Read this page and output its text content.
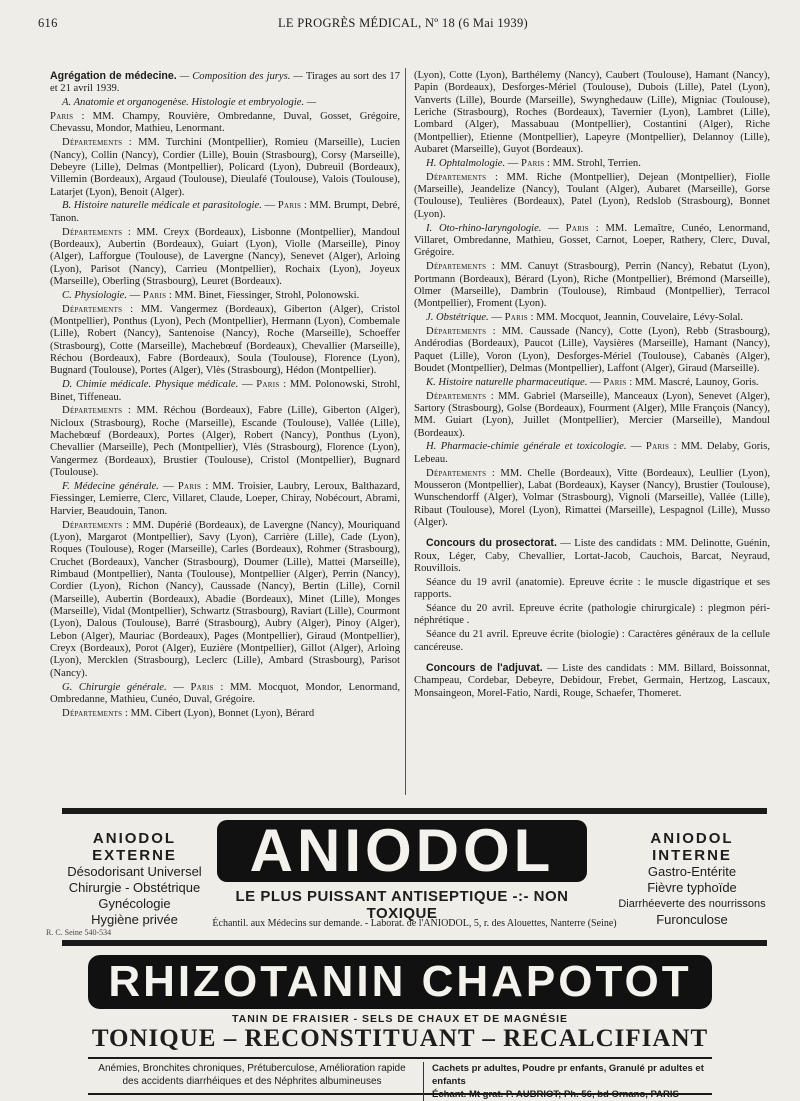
616	LE PROGRÈS MÉDICAL, Nº 18 (6 Mai 1939)

Agrégation de médecine. — Composition des jurys. — Tirages au sort des 17 et 21 avril 1939.

A. Anatomie et organogenèse. Histologie et embryologie. —

Paris : MM. Champy, Rouvière, Ombredanne, Duval, Gosset, Grégoire, Chevassu, Mondor, Mathieu, Lenormant.

Départements : MM. Turchini (Montpellier), Romieu (Marseille), Lucien (Nancy), Collin (Nancy), Cordier (Lille), Bouin (Strasbourg), Corsy (Marseille), Debeyre (Lille), Delmas (Montpellier), Policard (Lyon), Dubreuil (Bordeaux), Villemin (Bordeaux), Argaud (Toulouse), Dieulafé (Toulouse), Valois (Toulouse), Latarjet (Lyon), Benoit (Alger).

B. Histoire naturelle médicale et parasitologie. — Paris : MM. Brumpt, Debré, Tanon.

Départements : MM. Creyx (Bordeaux), Lisbonne (Montpellier), Mandoul (Bordeaux), Aubertin (Bordeaux), Guiart (Lyon), Violle (Marseille), Pinoy (Alger), Lafforgue (Toulouse), de Lavergne (Nancy), Senevet (Alger), Arloing (Lyon), Parisot (Nancy), Carrieu (Montpellier), Rochaix (Lyon), Joyeux (Marseille), Oberling (Strasbourg), Leuret (Bordeaux).

C. Physiologie. — Paris : MM. Binet, Fiessinger, Strohl, Polonowski.

Départements : MM. Vangermez (Bordeaux), Giberton (Alger), Cristol (Montpellier), Ponthus (Lyon), Pech (Montpellier), Hermann (Lyon), Combemale (Lille), Robert (Nancy), Santenoise (Nancy), Roche (Marseille), Schoeffer (Strasbourg), Cotte (Marseille), Machebœuf (Bordeaux), Chevallier (Marseille), Réchou (Bordeaux), Fabre (Bordeaux), Soula (Toulouse), Florence (Lyon), Bugnard (Toulouse), Portes (Alger), Vlès (Strasbourg), Hédon (Montpellier).

D. Chimie médicale. Physique médicale. — Paris : MM. Polonowski, Strohl, Binet, Tiffeneau.

Départements : MM. Réchou (Bordeaux), Fabre (Lille), Giberton (Alger), Nicloux (Strasbourg), Roche (Marseille), Escande (Toulouse), Vallée (Lille), Machebœuf (Bordeaux), Portes (Alger), Robert (Nancy), Ponthus (Lyon), Chevallier (Marseille), Pech (Montpellier), Vlès (Strasbourg), Florence (Lyon), Vangermez (Bordeaux), Brustier (Toulouse), Cristol (Montpellier), Bugnard (Toulouse).

F. Médecine générale. — Paris : MM. Troisier, Laubry, Leroux, Balthazard, Fiessinger, Lemierre, Clerc, Villaret, Claude, Loeper, Chiray, Nobécourt, Abrami, Harvier, Beaudouin, Tanon.

Départements : MM. Dupérié (Bordeaux), de Lavergne (Nancy), Mouriquand (Lyon), Margarot (Montpellier), Savy (Lyon), Carrière (Lille), Cade (Lyon), Roques (Toulouse), Roger (Marseille), Carles (Bordeaux), Rohmer (Strasbourg), Cruchet (Bordeaux), Vancher (Strasbourg), Doumer (Lille), Mattei (Marseille), Rimbaud (Montpellier), Nanta (Toulouse), Montpellier (Alger), Perrin (Nancy), Cordier (Lyon), Richon (Nancy), Caussade (Nancy), Bertin (Lille), Cornil (Marseille), Aubertin (Bordeaux), Abadie (Bordeaux), Minet (Lille), Monges (Marseille), Vidal (Montpellier), Schwartz (Strasbourg), Raviart (Lille), Courmont (Lyon), Dalous (Toulouse), Barré (Strasbourg), Aubry (Alger), Pinoy (Alger), Lebon (Alger), Mauriac (Bordeaux), Pages (Montpellier), Giraud (Montpellier), Creyx (Bordeaux), Porot (Alger), Euzière (Montpellier), Gillot (Alger), Arloing (Lyon), Mercklen (Strasbourg), Leclerc (Lille), Ambard (Strasbourg), Parisot (Nancy).

G. Chirurgie générale. — Paris : MM. Mocquot, Mondor, Lenormand, Ombredanne, Mathieu, Cunéo, Duval, Grégoire.

Départements : MM. Cibert (Lyon), Bonnet (Lyon), Bérard

(Lyon), Cotte (Lyon), Barthélemy (Nancy), Caubert (Toulouse), Hamant (Nancy), Papin (Bordeaux), Desforges-Mériel (Toulouse), Dubois (Lille), Patel (Lyon), Vanverts (Lille), Bourde (Marseille), Swynghedauw (Lille), Migniac (Toulouse), Leriche (Strasbourg), Roches (Bordeaux), Tavernier (Lyon), Lambret (Lille), Lombard (Alger), Massabuau (Montpellier), Costantini (Alger), Riche (Montpellier), Etienne (Montpellier), Lapeyre (Montpellier), Delannoy (Lille), Aubaret (Marseille), Guyot (Bordeaux).

H. Ophtalmologie. — Paris : MM. Strohl, Terrien.

Départements : MM. Riche (Montpellier), Dejean (Montpellier), Fiolle (Marseille), Jeandelize (Nancy), Toulant (Alger), Aubaret (Marseille), Gorse (Toulouse), Teulières (Bordeaux), Patel (Lyon), Redslob (Strasbourg), Bonnet (Lyon).

I. Oto-rhino-laryngologie. — Paris : MM. Lemaître, Cunéo, Lenormand, Villaret, Ombredanne, Mathieu, Gosset, Carnot, Loeper, Rathery, Clerc, Duval, Grégoire.

Départements : MM. Canuyt (Strasbourg), Perrin (Nancy), Rebatut (Lyon), Portmann (Bordeaux), Bérard (Lyon), Riche (Montpellier), Brémond (Marseille), Olmer (Marseille), Dambrin (Toulouse), Rimbaud (Montpellier), Terracol (Montpellier), Froment (Lyon).

J. Obstétrique. — Paris : MM. Mocquot, Jeannin, Couvelaire, Lévy-Solal.

Départements : MM. Caussade (Nancy), Cotte (Lyon), Rebb (Strasbourg), Andérodias (Bordeaux), Paucot (Lille), Vaysières (Marseille), Hamant (Nancy), Paquet (Lille), Voron (Lyon), Desforges-Mériel (Toulouse), Cabanès (Alger), Boudet (Montpellier), Delmas (Montpellier), Laffont (Alger), Giraud (Marseille).

K. Histoire naturelle pharmaceutique. — Paris : MM. Mascré, Launoy, Goris.

Départements : MM. Gabriel (Marseille), Manceaux (Lyon), Senevet (Alger), Sartory (Strasbourg), Golse (Bordeaux), Fourment (Alger), Mlle François (Nancy), MM. Guiart (Lyon), Juillet (Montpellier), Mercier (Marseille), Mandoul (Bordeaux).

H. Pharmacie-chimie générale et toxicologie. — Paris : MM. Delaby, Goris, Lebeau.

Départements : MM. Chelle (Bordeaux), Vitte (Bordeaux), Leullier (Lyon), Mousseron (Montpellier), Labat (Bordeaux), Kayser (Nancy), Brustier (Toulouse), Wunschendorff (Alger), Volmar (Strasbourg), Vignoli (Marseille), Vallée (Lille), Ribaut (Toulouse), Morel (Lyon), Rimattei (Marseille), Lespagnol (Lille), Musso (Alger).

Concours du prosectorat. — Liste des candidats : MM. Delinotte, Guénin, Roux, Léger, Caby, Chevallier, Lortat-Jacob, Cauchois, Barcat, Neyraud, Rouvillois.

Séance du 19 avril (anatomie). Epreuve écrite : le muscle digastrique et ses rapports.

Séance du 20 avril. Epreuve écrite (pathologie chirurgicale) : plegmon péri-néphrétique .

Séance du 21 avril. Epreuve écrite (biologie) : Caractères généraux de la cellule cancéreuse.

Concours de l'adjuvat. — Liste des candidats : MM. Billard, Boissonnat, Champeau, Cordebar, Debeyre, Debidour, Frebet, Germain, Hertzog, Lascaux, Monsaingeon, Morel-Fatio, Nardi, Rouge, Schaefer, Thomeret.

ANIODOL
EXTERNE
Désodorisant Universel
Chirurgie - Obstétrique
Gynécologie
Hygiène privée
R. C. Seine 540-534
ANIODOL
LE PLUS PUISSANT ANTISEPTIQUE -:- NON TOXIQUE
Échantil. aux Médecins sur demande. - Laborat. de l'ANIODOL, 5, r. des Alouettes, Nanterre (Seine)
ANIODOL
INTERNE
Gastro-Entérite
Fièvre typhoïde
Diarrhéeverte des nourrissons
Furonculose
RHIZOTANIN CHAPOTOT
TANIN DE FRAISIER - SELS DE CHAUX ET DE MAGNÉSIE
TONIQUE – RECONSTITUANT – RECALCIFIANT
Anémies, Bronchites chroniques, Prétuberculose, Amélioration rapide
des accidents diarrhéiques et des Néphrites albumineuses
Cachets pr adultes, Poudre pr enfants, Granulé pr adultes et enfants
Échant. Mt grat. P. AUBRIOT; Ph. 56, bd Ornano, PARIS
